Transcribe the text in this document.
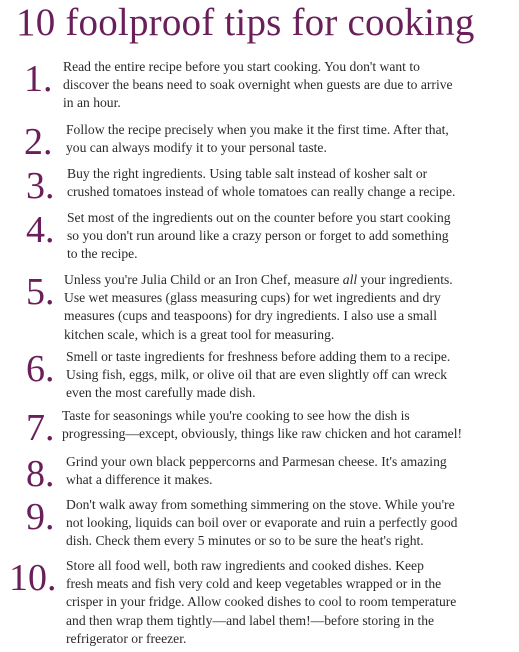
10 foolproof tips for cooking
1. Read the entire recipe before you start cooking. You don't want to
discover the beans need to soak overnight when guests are due to arrive
in an hour.
2. Follow the recipe precisely when you make it the first time. After that,
you can always modify it to your personal taste.
3. Buy the right ingredients. Using table salt instead of kosher salt or
crushed tomatoes instead of whole tomatoes can really change a recipe.
4. Set most of the ingredients out on the counter before you start cooking
so you don't run around like a crazy person or forget to add something
to the recipe.
5. Unless you're Julia Child or an Iron Chef, measure all your ingredients.
Use wet measures (glass measuring cups) for wet ingredients and dry
measures (cups and teaspoons) for dry ingredients. I also use a small
kitchen scale, which is a great tool for measuring.
6. Smell or taste ingredients for freshness before adding them to a recipe.
Using fish, eggs, milk, or olive oil that are even slightly off can wreck
even the most carefully made dish.
7. Taste for seasonings while you're cooking to see how the dish is
progressing—except, obviously, things like raw chicken and hot caramel!
8. Grind your own black peppercorns and Parmesan cheese. It's amazing
what a difference it makes.
9. Don't walk away from something simmering on the stove. While you're
not looking, liquids can boil over or evaporate and ruin a perfectly good
dish. Check them every 5 minutes or so to be sure the heat's right.
10. Store all food well, both raw ingredients and cooked dishes. Keep
fresh meats and fish very cold and keep vegetables wrapped or in the
crisper in your fridge. Allow cooked dishes to cool to room temperature
and then wrap them tightly—and label them!—before storing in the
refrigerator or freezer.
